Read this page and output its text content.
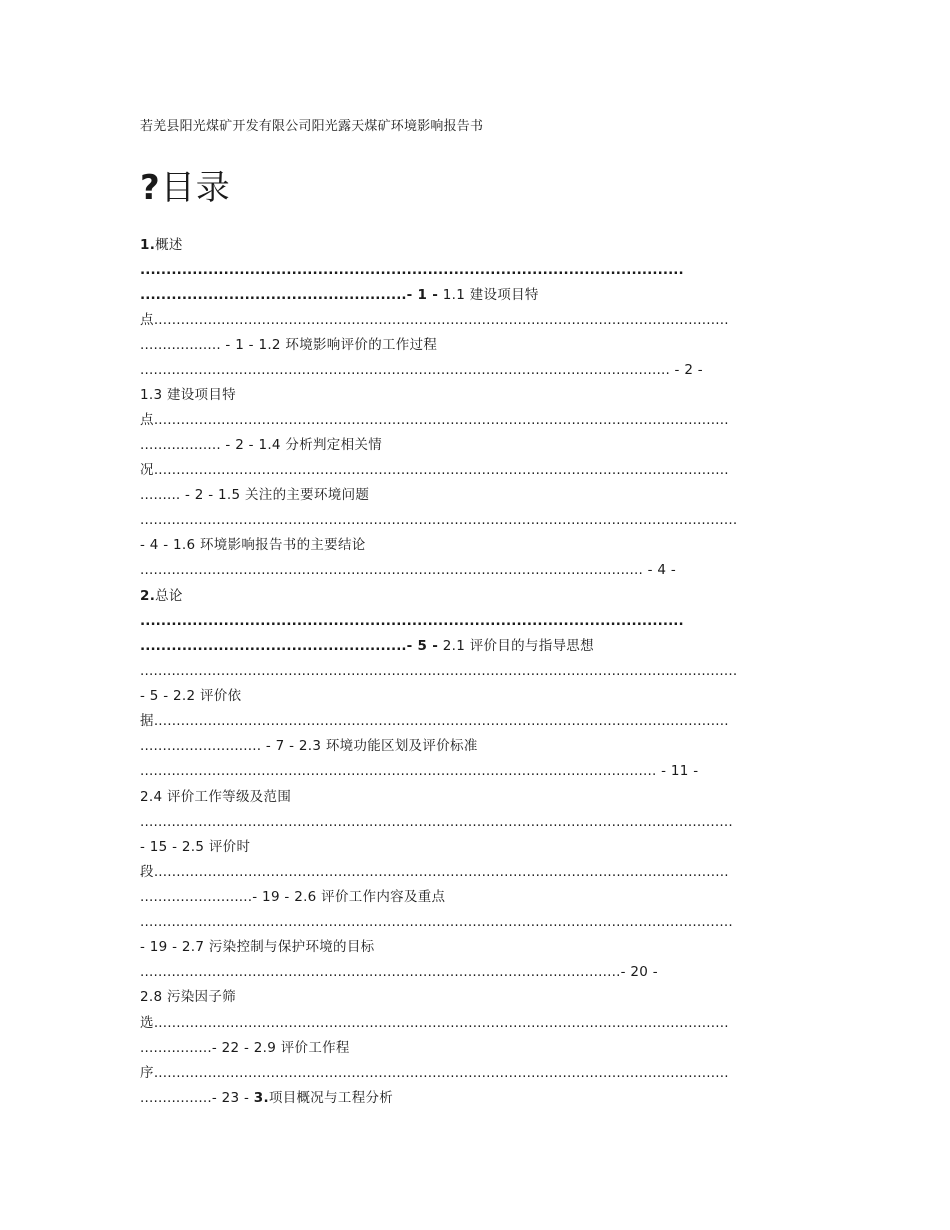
若羌县阳光煤矿开发有限公司阳光露天煤矿环境影响报告书
?目录
1.概述
........................................................................................................
...................................................- 1 - 1.1 建设项目特
点................................................................................................................................
.................. - 1 - 1.2 环境影响评价的工作过程
...................................................................................................................... - 2 -
1.3 建设项目特
点................................................................................................................................
.................. - 2 - 1.4 分析判定相关情
况................................................................................................................................
......... - 2 - 1.5 关注的主要环境问题
.....................................................................................................................................
- 4 - 1.6 环境影响报告书的主要结论
................................................................................................................ - 4 -
2.总论
........................................................................................................
...................................................- 5 - 2.1 评价目的与指导思想
.....................................................................................................................................
- 5 - 2.2 评价依
据................................................................................................................................
........................... - 7 - 2.3 环境功能区划及评价标准
................................................................................................................... - 11 -
2.4 评价工作等级及范围
....................................................................................................................................
- 15 - 2.5 评价时
段................................................................................................................................
.........................- 19 - 2.6 评价工作内容及重点
....................................................................................................................................
- 19 - 2.7 污染控制与保护环境的目标
...........................................................................................................- 20 -
2.8 污染因子筛
选................................................................................................................................
................- 22 - 2.9 评价工作程
序................................................................................................................................
................- 23 - 3.项目概况与工程分析
